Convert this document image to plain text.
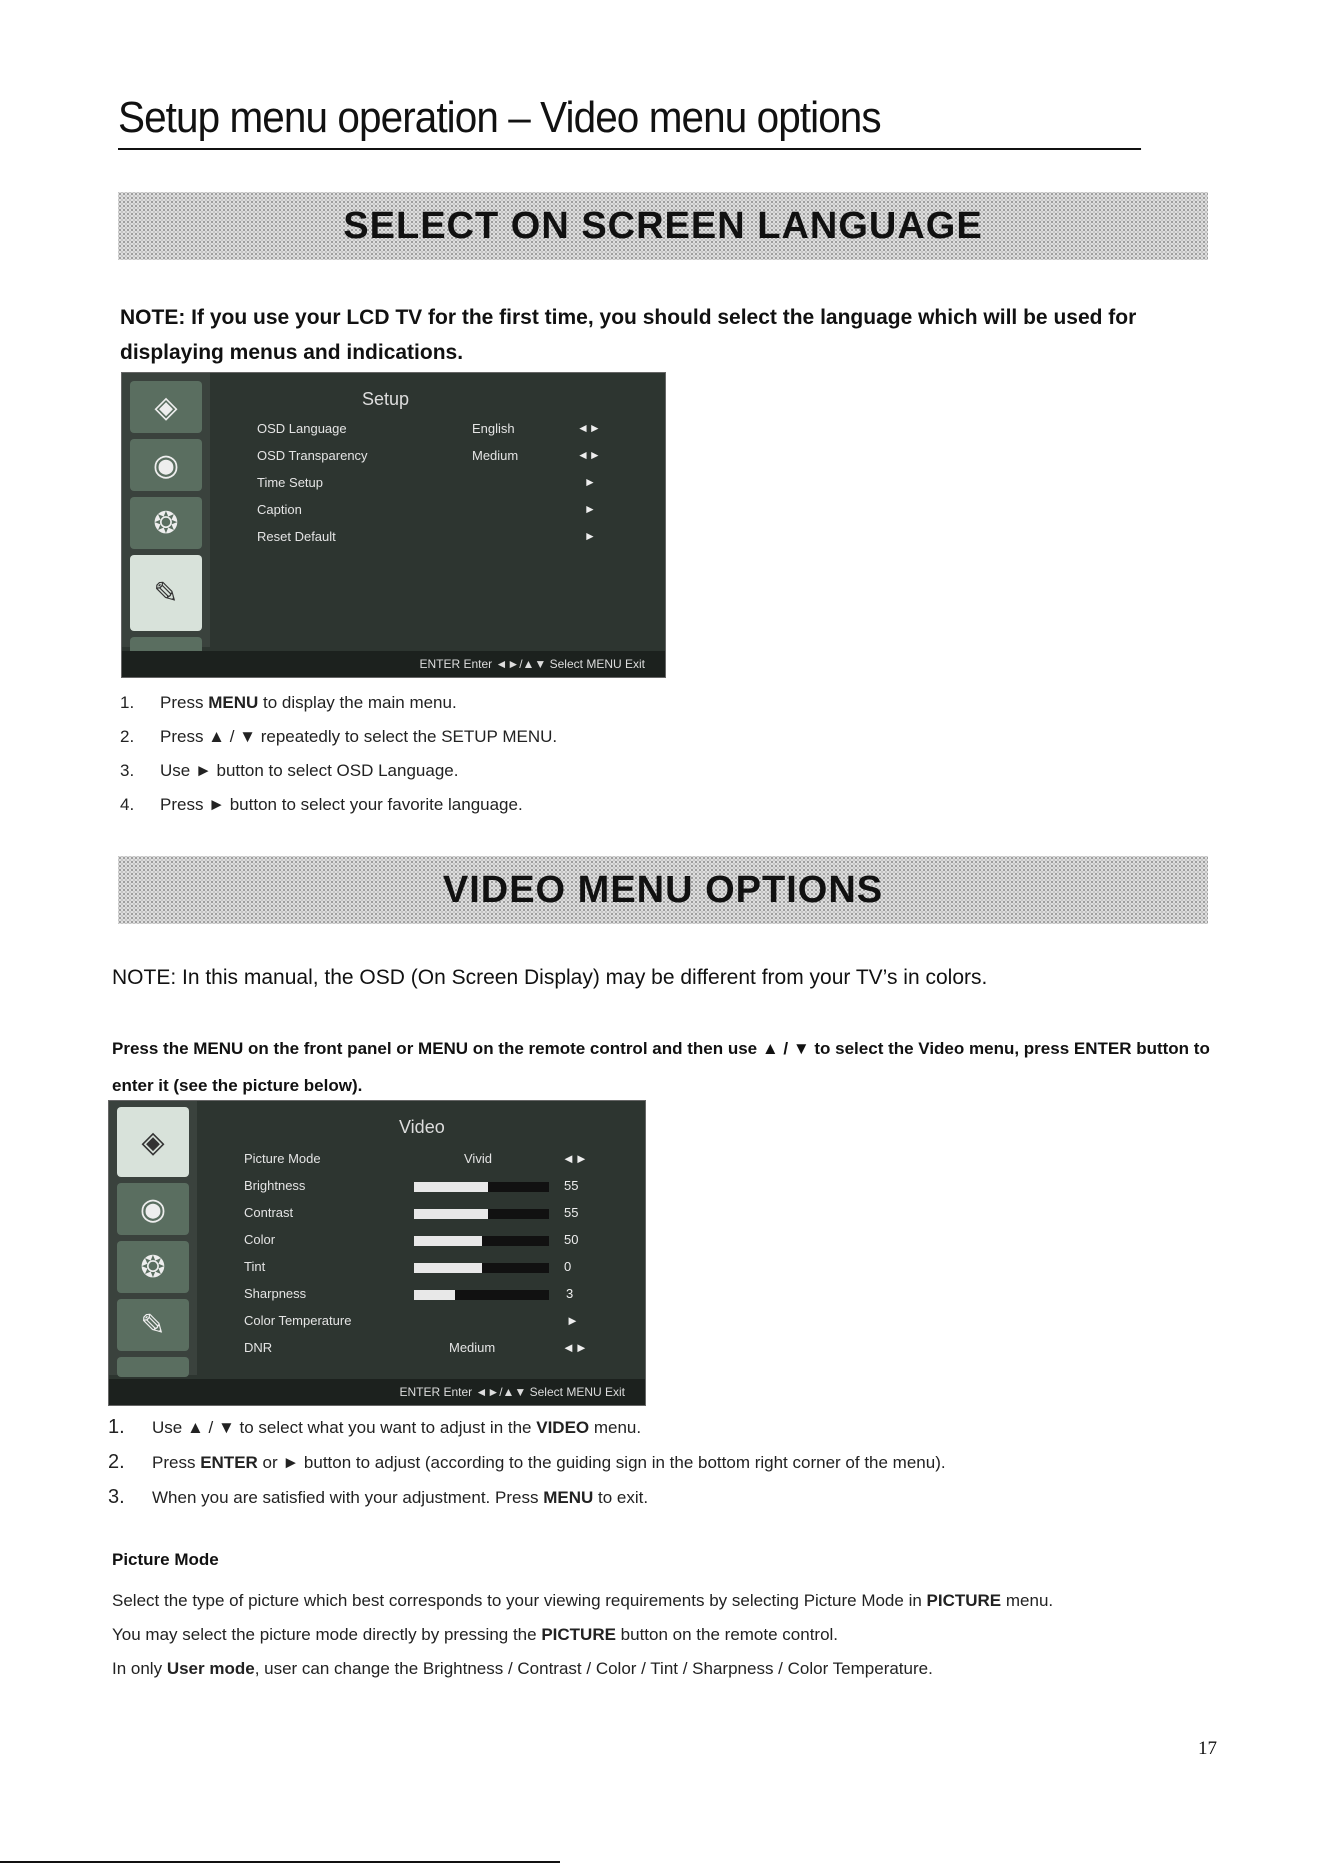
Setup menu operation – Video menu options
SELECT ON SCREEN LANGUAGE
NOTE: If you use your LCD TV for the first time, you should select the language which will be used for displaying menus and indications.
◈
◉
❂
✎
Setup
OSD Language	English	◄►
OSD Transparency	Medium	◄►
Time Setup	►
Caption	►
Reset Default	►
ENTER Enter ◄►/▲▼ Select MENU Exit
1. Press MENU to display the main menu.
2. Press ▲ / ▼ repeatedly to select the SETUP MENU.
3. Use ► button to select OSD Language.
4. Press ► button to select your favorite language.
VIDEO MENU OPTIONS
NOTE: In this manual, the OSD (On Screen Display) may be different from your TV’s in colors.
Press the MENU on the front panel or MENU on the remote control and then use ▲ / ▼ to select the Video menu, press ENTER button to enter it (see the picture below).
◈
◉
❂
✎
Video
Picture Mode	Vivid	◄►
Brightness	55
Contrast	55
Color	50
Tint	0
Sharpness	3
Color Temperature	►
DNR	Medium	◄►
ENTER Enter ◄►/▲▼ Select MENU Exit
1. Use ▲ / ▼ to select what you want to adjust in the VIDEO menu.
2. Press ENTER or ► button to adjust (according to the guiding sign in the bottom right corner of the menu).
3. When you are satisfied with your adjustment. Press MENU to exit.
Picture Mode
Select the type of picture which best corresponds to your viewing requirements by selecting Picture Mode in PICTURE menu.
You may select the picture mode directly by pressing the PICTURE button on the remote control.
In only User mode, user can change the Brightness / Contrast / Color / Tint / Sharpness / Color Temperature.
17
